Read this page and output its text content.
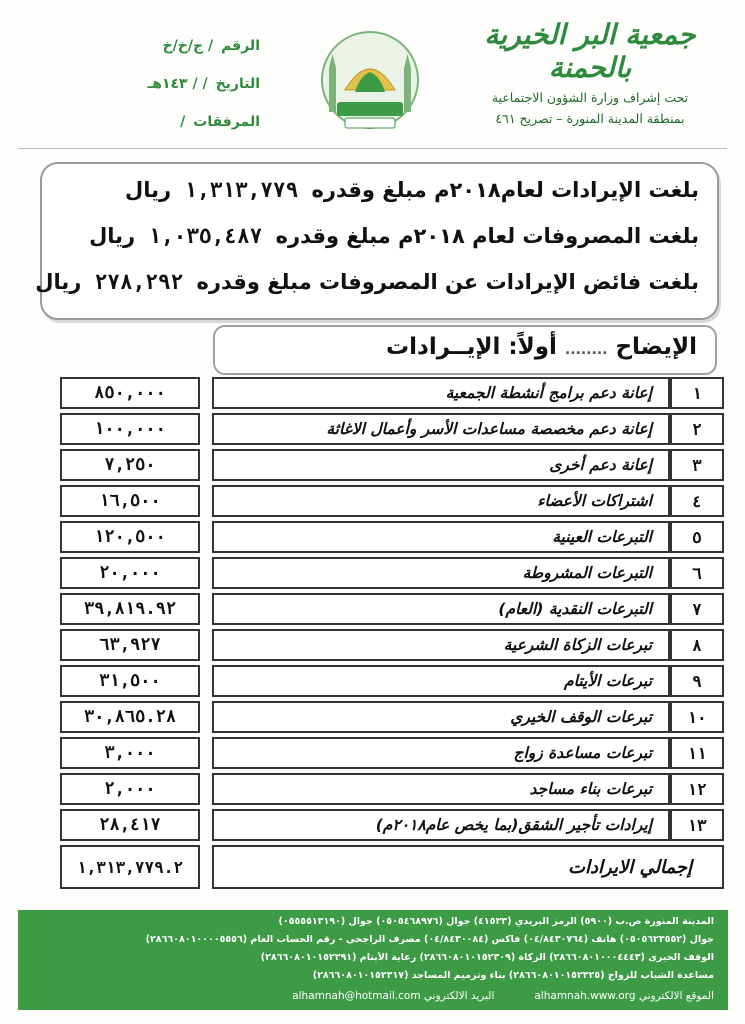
جمعية البر الخيرية بالحمنة
تحت إشراف وزارة الشؤون الاجتماعية
بمنطقة المدينة المنورة – تصريح ٤٦١
الرقم
/ ج/خ/خ
التاريخ
/ / ١٤٣هـ
المرفقات
/
بلغت الإيرادات لعام٢٠١٨م مبلغ وقدره ١,٣١٣,٧٧٩ ريال
بلغت المصروفات لعام ٢٠١٨م مبلغ وقدره ١,٠٣٥,٤٨٧ ريال
بلغت فائض الإيرادات عن المصروفات مبلغ وقدره ٢٧٨,٢٩٢ ريال
الإيضاح ........ أولاً: الإيــرادات
٨٥٠,٠٠٠		إعانة دعم برامج أنشطة الجمعية	١
١٠٠,٠٠٠		إعانة دعم مخصصة مساعدات الأسر وأعمال الاغاثة	٢
٧,٢٥٠		إعانة دعم أخرى	٣
١٦,٥٠٠		اشتراكات الأعضاء	٤
١٢٠,٥٠٠		التبرعات العينية	٥
٢٠,٠٠٠		التبرعات المشروطة	٦
٣٩,٨١٩.٩٢		التبرعات النقدية (العام)	٧
٦٣,٩٢٧		تبرعات الزكاة الشرعية	٨
٣١,٥٠٠		تبرعات الأيتام	٩
٣٠,٨٦٥.٢٨		تبرعات الوقف الخيري	١٠
٣,٠٠٠		تبرعات مساعدة زواج	١١
٢,٠٠٠		تبرعات بناء مساجد	١٢
٢٨,٤١٧		إيرادات تأجير الشقق(بما يخص عام٢٠١٨م)	١٣
١,٣١٣,٧٧٩.٢		إجمالي الايرادات	
المدينة المنورة ص.ب (٥٩٠٠) الرمز البريدي (٤١٥٣٣) جوال (٠٥٠٥٤٦٨٩٧٦) جوال (٠٥٥٥٥١٣١٩٠)
جوال (٠٥٠٥٦٢٣٥٥٢) هاتف (٠٤/٨٤٣٠٧٦٤) فاكس (٠٤/٨٤٣٠٠٨٤) مصرف الراجحي - رقم الحساب العام (٢٨٦٦٠٨٠١٠٠٠٠٥٥٥٦)
الوقف الخيرى (٢٨٦٦٠٨٠١٠٠٠٤٤٤٣) الزكاة (٢٨٦٦٠٨٠١٠١٥٢٣٠٩) رعاية الأيتام (٢٨٦٦٠٨٠١٠١٥٢٢٩١)
مساعدة الشباب للزواج (٢٨٦٦٠٨٠١٠١٥٢٣٢٥) بناء وترميم المساجد (٢٨٦٦٠٨٠١٠١٥٢٣١٧)
الموقع الالكتروني alhamnah.www.org
البريد الالكتروني alhamnah@hotmail.com
